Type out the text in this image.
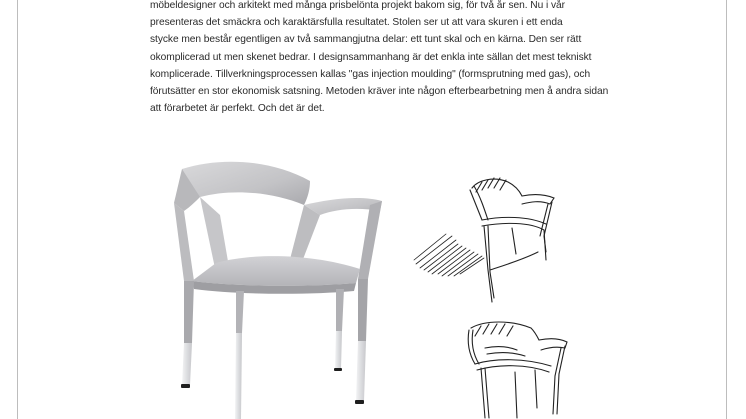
möbeldesigner och arkitekt med många prisbelönta projekt bakom sig, för två år sen. Nu i vår
presenteras det smäckra och karaktärsfulla resultatet. Stolen ser ut att vara skuren i ett enda
stycke men består egentligen av två sammangjutna delar: ett tunt skal och en kärna. Den ser rätt
okomplicerad ut men skenet bedrar. I designsammanhang är det enkla inte sällan det mest tekniskt
komplicerade. Tillverkningsprocessen kallas "gas injection moulding" (formsprutning med gas), och
förutsätter en stor ekonomisk satsning. Metoden kräver inte någon efterbearbetning men å andra sidan
att förarbetet är perfekt. Och det är det.
